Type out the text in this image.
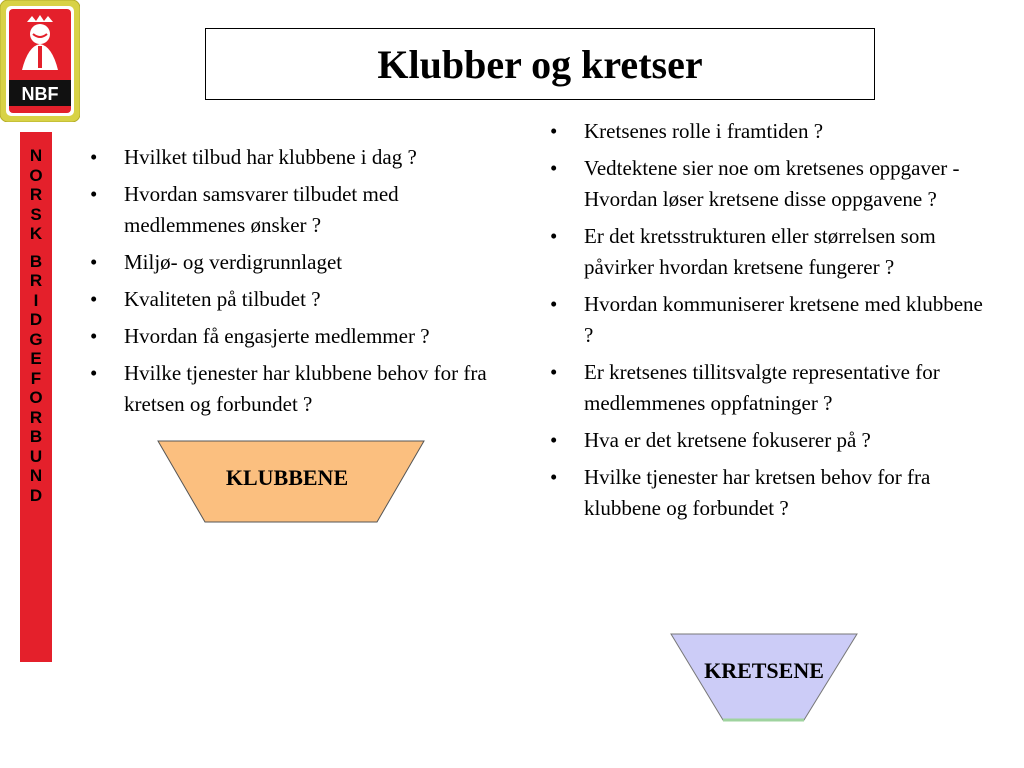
NBF
Klubber og kretser
N
O
R
S
K
B
R
I
D
G
E
F
O
R
B
U
N
D
• Hvilket tilbud har klubbene i dag ?
• Hvordan samsvarer tilbudet med medlemmenes ønsker ?
• Miljø- og verdigrunnlaget
• Kvaliteten på tilbudet ?
• Hvordan få engasjerte medlemmer ?
• Hvilke tjenester har klubbene behov for fra kretsen og forbundet ?
• Kretsenes rolle i framtiden ?
• Vedtektene sier noe om kretsenes oppgaver - Hvordan løser kretsene disse oppgavene ?
• Er det kretsstrukturen eller størrelsen som påvirker hvordan kretsene fungerer ?
• Hvordan kommuniserer kretsene med klubbene ?
• Er kretsenes tillitsvalgte representative for medlemmenes oppfatninger ?
• Hva er det kretsene fokuserer på ?
• Hvilke tjenester har kretsen behov for fra klubbene og forbundet ?
KLUBBENE
KRETSENE
